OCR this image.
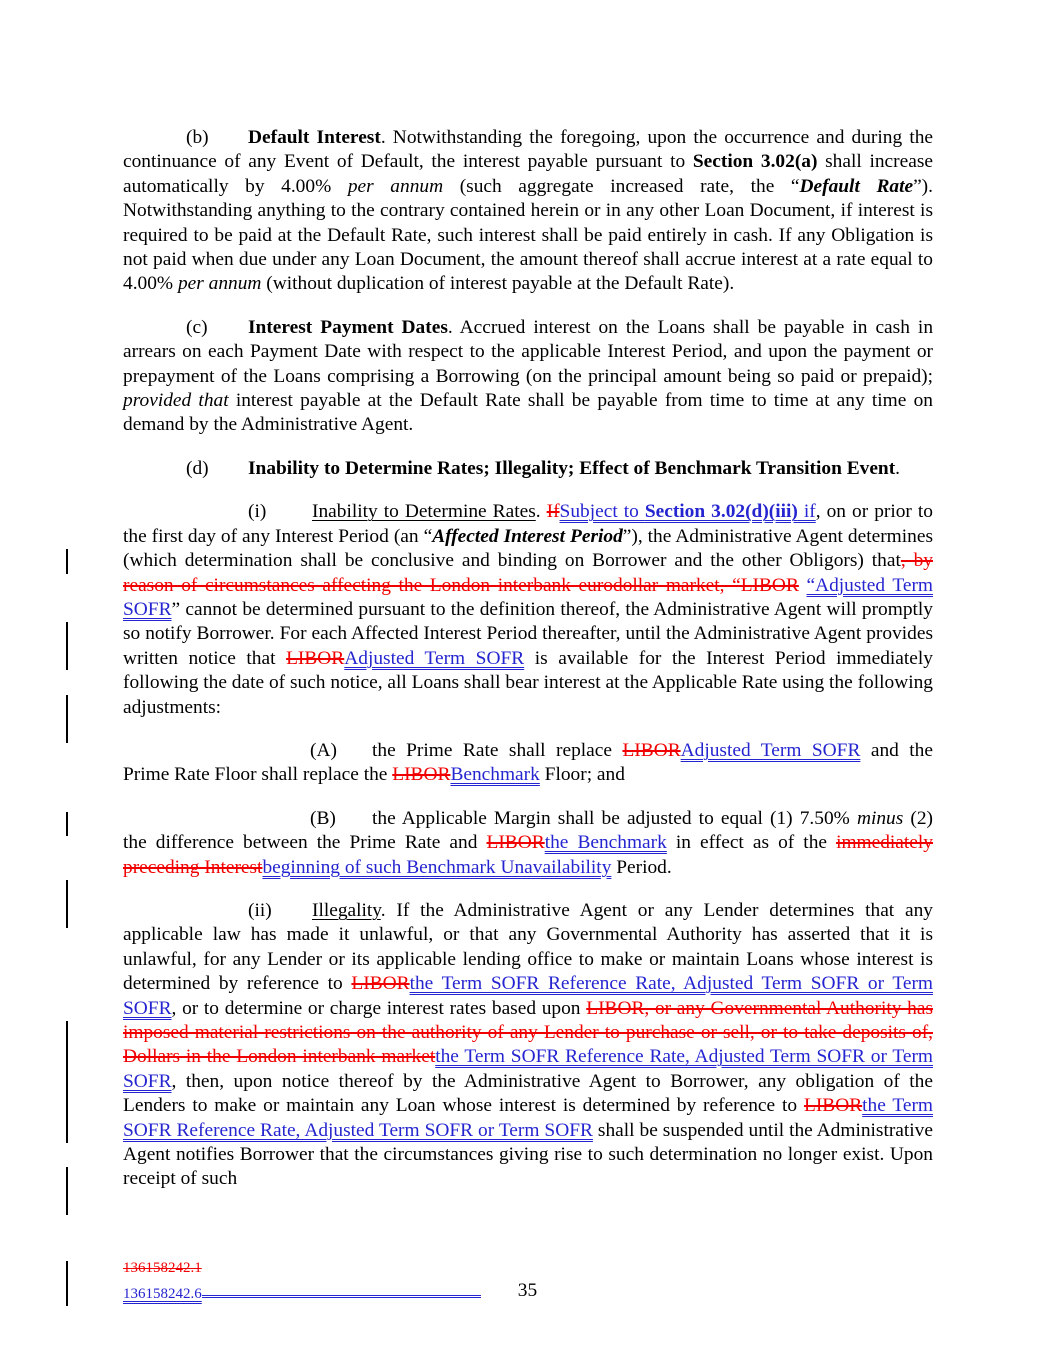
(b) Default Interest. Notwithstanding the foregoing, upon the occurrence and during the continuance of any Event of Default, the interest payable pursuant to Section 3.02(a) shall increase automatically by 4.00% per annum (such aggregate increased rate, the “Default Rate”). Notwithstanding anything to the contrary contained herein or in any other Loan Document, if interest is required to be paid at the Default Rate, such interest shall be paid entirely in cash. If any Obligation is not paid when due under any Loan Document, the amount thereof shall accrue interest at a rate equal to 4.00% per annum (without duplication of interest payable at the Default Rate).
(c) Interest Payment Dates. Accrued interest on the Loans shall be payable in cash in arrears on each Payment Date with respect to the applicable Interest Period, and upon the payment or prepayment of the Loans comprising a Borrowing (on the principal amount being so paid or prepaid); provided that interest payable at the Default Rate shall be payable from time to time at any time on demand by the Administrative Agent.
(d) Inability to Determine Rates; Illegality; Effect of Benchmark Transition Event.
(i) Inability to Determine Rates. IfSubject to Section 3.02(d)(iii) if, on or prior to the first day of any Interest Period (an “Affected Interest Period”), the Administrative Agent determines (which determination shall be conclusive and binding on Borrower and the other Obligors) that, by reason of circumstances affecting the London interbank eurodollar market, “LIBOR “Adjusted Term SOFR” cannot be determined pursuant to the definition thereof, the Administrative Agent will promptly so notify Borrower. For each Affected Interest Period thereafter, until the Administrative Agent provides written notice that LIBORAdjusted Term SOFR is available for the Interest Period immediately following the date of such notice, all Loans shall bear interest at the Applicable Rate using the following adjustments:
(A) the Prime Rate shall replace LIBORAdjusted Term SOFR and the Prime Rate Floor shall replace the LIBORBenchmark Floor; and
(B) the Applicable Margin shall be adjusted to equal (1) 7.50% minus (2) the difference between the Prime Rate and LIBORthe Benchmark in effect as of the immediately preceding Interestbeginning of such Benchmark Unavailability Period.
(ii) Illegality. If the Administrative Agent or any Lender determines that any applicable law has made it unlawful, or that any Governmental Authority has asserted that it is unlawful, for any Lender or its applicable lending office to make or maintain Loans whose interest is determined by reference to LIBORthe Term SOFR Reference Rate, Adjusted Term SOFR or Term SOFR, or to determine or charge interest rates based upon LIBOR, or any Governmental Authority has imposed material restrictions on the authority of any Lender to purchase or sell, or to take deposits of, Dollars in the London interbank marketthe Term SOFR Reference Rate, Adjusted Term SOFR or Term SOFR, then, upon notice thereof by the Administrative Agent to Borrower, any obligation of the Lenders to make or maintain any Loan whose interest is determined by reference to LIBORthe Term SOFR Reference Rate, Adjusted Term SOFR or Term SOFR shall be suspended until the Administrative Agent notifies Borrower that the circumstances giving rise to such determination no longer exist. Upon receipt of such
136158242.1
136158242.6	35
